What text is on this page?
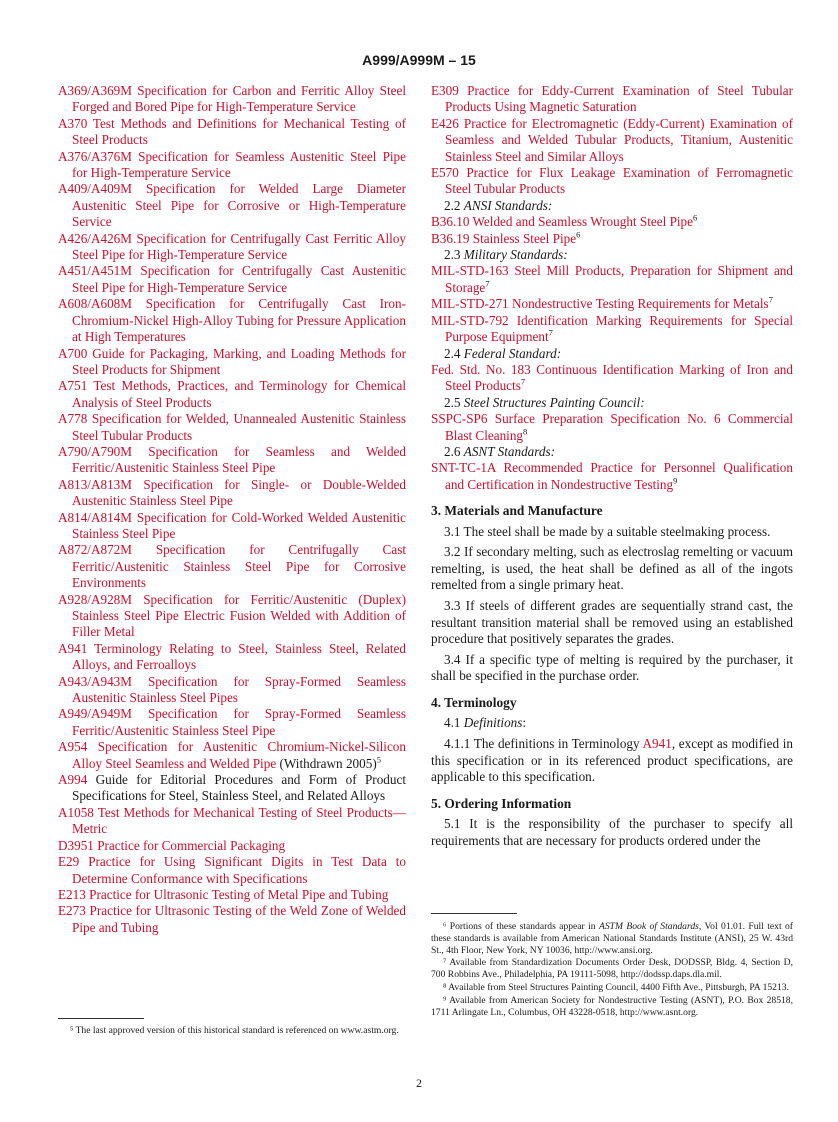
A999/A999M – 15
A369/A369M Specification for Carbon and Ferritic Alloy Steel Forged and Bored Pipe for High-Temperature Service
A370 Test Methods and Definitions for Mechanical Testing of Steel Products
A376/A376M Specification for Seamless Austenitic Steel Pipe for High-Temperature Service
A409/A409M Specification for Welded Large Diameter Austenitic Steel Pipe for Corrosive or High-Temperature Service
A426/A426M Specification for Centrifugally Cast Ferritic Alloy Steel Pipe for High-Temperature Service
A451/A451M Specification for Centrifugally Cast Austenitic Steel Pipe for High-Temperature Service
A608/A608M Specification for Centrifugally Cast Iron-Chromium-Nickel High-Alloy Tubing for Pressure Application at High Temperatures
A700 Guide for Packaging, Marking, and Loading Methods for Steel Products for Shipment
A751 Test Methods, Practices, and Terminology for Chemical Analysis of Steel Products
A778 Specification for Welded, Unannealed Austenitic Stainless Steel Tubular Products
A790/A790M Specification for Seamless and Welded Ferritic/Austenitic Stainless Steel Pipe
A813/A813M Specification for Single- or Double-Welded Austenitic Stainless Steel Pipe
A814/A814M Specification for Cold-Worked Welded Austenitic Stainless Steel Pipe
A872/A872M Specification for Centrifugally Cast Ferritic/Austenitic Stainless Steel Pipe for Corrosive Environments
A928/A928M Specification for Ferritic/Austenitic (Duplex) Stainless Steel Pipe Electric Fusion Welded with Addition of Filler Metal
A941 Terminology Relating to Steel, Stainless Steel, Related Alloys, and Ferroalloys
A943/A943M Specification for Spray-Formed Seamless Austenitic Stainless Steel Pipes
A949/A949M Specification for Spray-Formed Seamless Ferritic/Austenitic Stainless Steel Pipe
A954 Specification for Austenitic Chromium-Nickel-Silicon Alloy Steel Seamless and Welded Pipe (Withdrawn 2005)$^5$
A994 Guide for Editorial Procedures and Form of Product Specifications for Steel, Stainless Steel, and Related Alloys
A1058 Test Methods for Mechanical Testing of Steel Products—Metric
D3951 Practice for Commercial Packaging
E29 Practice for Using Significant Digits in Test Data to Determine Conformance with Specifications
E213 Practice for Ultrasonic Testing of Metal Pipe and Tubing
E273 Practice for Ultrasonic Testing of the Weld Zone of Welded Pipe and Tubing
E309 Practice for Eddy-Current Examination of Steel Tubular Products Using Magnetic Saturation
E426 Practice for Electromagnetic (Eddy-Current) Examination of Seamless and Welded Tubular Products, Titanium, Austenitic Stainless Steel and Similar Alloys
E570 Practice for Flux Leakage Examination of Ferromagnetic Steel Tubular Products
2.2 ANSI Standards:
B36.10 Welded and Seamless Wrought Steel Pipe$^6$
B36.19 Stainless Steel Pipe$^6$
2.3 Military Standards:
MIL-STD-163 Steel Mill Products, Preparation for Shipment and Storage$^7$
MIL-STD-271 Nondestructive Testing Requirements for Metals$^7$
MIL-STD-792 Identification Marking Requirements for Special Purpose Equipment$^7$
2.4 Federal Standard:
Fed. Std. No. 183 Continuous Identification Marking of Iron and Steel Products$^7$
2.5 Steel Structures Painting Council:
SSPC-SP6 Surface Preparation Specification No. 6 Commercial Blast Cleaning$^8$
2.6 ASNT Standards:
SNT-TC-1A Recommended Practice for Personnel Qualification and Certification in Nondestructive Testing$^9$
3. Materials and Manufacture
3.1 The steel shall be made by a suitable steelmaking process.
3.2 If secondary melting, such as electroslag remelting or vacuum remelting, is used, the heat shall be defined as all of the ingots remelted from a single primary heat.
3.3 If steels of different grades are sequentially strand cast, the resultant transition material shall be removed using an established procedure that positively separates the grades.
3.4 If a specific type of melting is required by the purchaser, it shall be specified in the purchase order.
4. Terminology
4.1 Definitions:
4.1.1 The definitions in Terminology A941, except as modified in this specification or in its referenced product specifications, are applicable to this specification.
5. Ordering Information
5.1 It is the responsibility of the purchaser to specify all requirements that are necessary for products ordered under the

⁵ The last approved version of this historical standard is referenced on www.astm.org.

⁶ Portions of these standards appear in ASTM Book of Standards, Vol 01.01. Full text of these standards is available from American National Standards Institute (ANSI), 25 W. 43rd St., 4th Floor, New York, NY 10036, http://www.ansi.org.

⁷ Available from Standardization Documents Order Desk, DODSSP, Bldg. 4, Section D, 700 Robbins Ave., Philadelphia, PA 19111-5098, http://dodssp.daps.dla.mil.

⁸ Available from Steel Structures Painting Council, 4400 Fifth Ave., Pittsburgh, PA 15213.

⁹ Available from American Society for Nondestructive Testing (ASNT), P.O. Box 28518, 1711 Arlingate Ln., Columbus, OH 43228-0518, http://www.asnt.org.

2
